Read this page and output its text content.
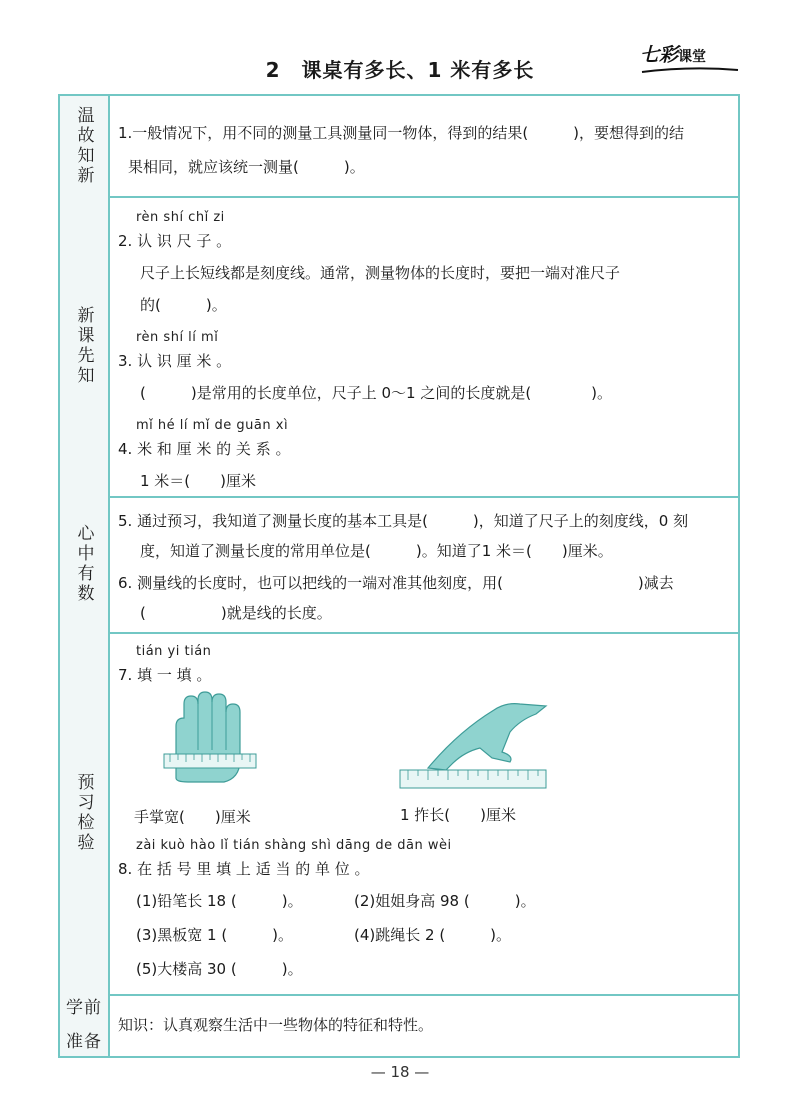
2　课桌有多长、1 米有多长
七彩课堂
温故知新 1.一般情况下，用不同的测量工具测量同一物体，得到的结果(　　　)，要想得到的结
果相同，就应该统一测量(　　　)。
新课先知
rèn shí chǐ zi
2. 认 识 尺 子 。
尺子上长短线都是刻度线。通常，测量物体的长度时，要把一端对准尺子
的(　　　)。
rèn shí lí mǐ
3. 认 识 厘 米 。
(　　　)是常用的长度单位，尺子上 0～1 之间的长度就是(　　　　)。
mǐ hé lí mǐ de guān xì
4. 米 和 厘 米 的 关 系 。
1 米＝(　　)厘米
心中有数
5. 通过预习，我知道了测量长度的基本工具是(　　　)，知道了尺子上的刻度线，0 刻
度，知道了测量长度的常用单位是(　　　)。知道了1 米＝(　　)厘米。
6. 测量线的长度时，也可以把线的一端对准其他刻度，用(　　　　　　　　　)减去
(　　　　　)就是线的长度。
预习检验
tián yi tián
7. 填 一 填 。
手掌宽(　　)厘米	1 拃长(　　)厘米
zài kuò hào lǐ tián shàng shì dāng de dān wèi
8. 在 括 号 里 填 上 适 当 的 单 位 。
(1)铅笔长 18 (　　　)。	(2)姐姐身高 98 (　　　)。
(3)黑板宽 1 (　　　)。	(4)跳绳长 2 (　　　)。
(5)大楼高 30 (　　　)。
学前准备
知识：认真观察生活中一些物体的特征和特性。
— 18 —
